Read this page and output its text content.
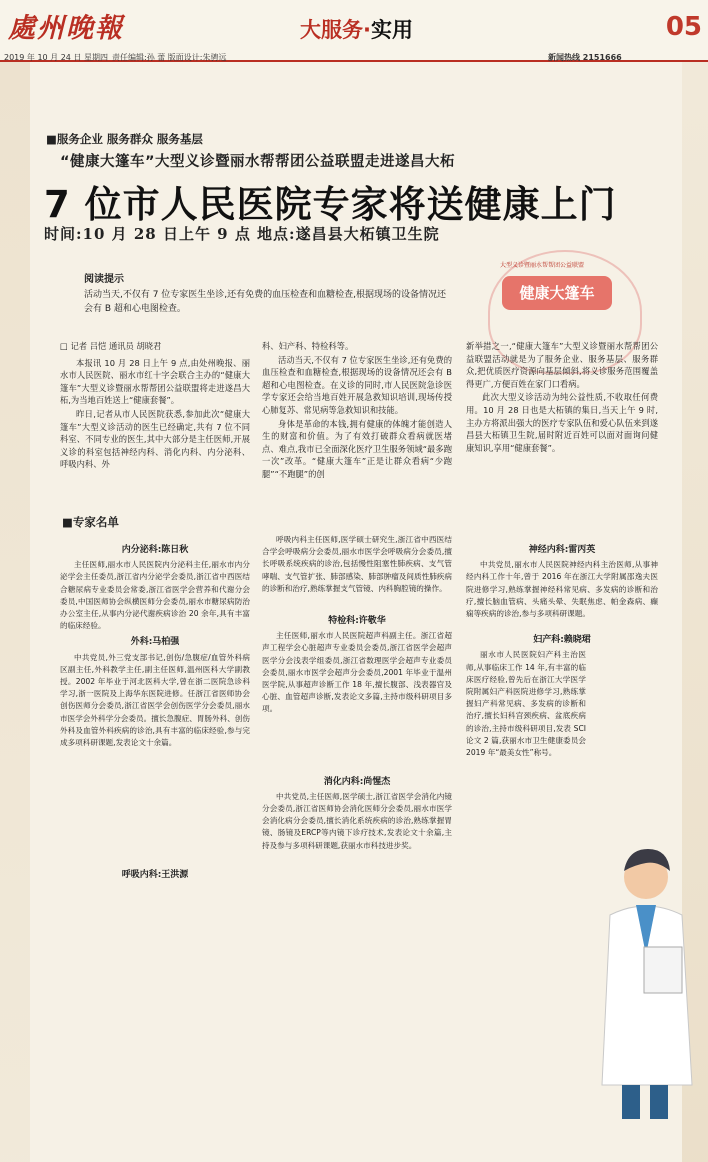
處州晚報	大服务·实用	05
2019 年 10 月 24 日 星期四 责任编辑:孙 蕾 版面设计:朱骋远	新闻热线 2151666
■服务企业 服务群众 服务基层
“健康大篷车”大型义诊暨丽水帮帮团公益联盟走进遂昌大柘
7 位市人民医院专家将送健康上门
时间:10 月 28 日上午 9 点 地点:遂昌县大柘镇卫生院
大型义诊暨丽水帮帮团公益联盟
健康大篷车
阅读提示
活动当天,不仅有 7 位专家医生坐诊,还有免费的血压检查和血糖检查,根据现场的设备情况还会有 B 超和心电图检查。
□ 记者 吕恺 通讯员 胡晓君

本报讯 10 月 28 日上午 9 点,由处州晚报、丽水市人民医院、丽水市红十字会联合主办的“健康大篷车”大型义诊暨丽水帮帮团公益联盟将走进遂昌大柘,为当地百姓送上“健康套餐”。

昨日,记者从市人民医院获悉,参加此次“健康大篷车”大型义诊活动的医生已经确定,共有 7 位不同科室、不同专业的医生,其中大部分是主任医师,开展义诊的科室包括神经内科、消化内科、内分泌科、呼吸内科、外

科、妇产科、特检科等。

活动当天,不仅有 7 位专家医生坐诊,还有免费的血压检查和血糖检查,根据现场的设备情况还会有 B 超和心电图检查。在义诊的同时,市人民医院急诊医学专家还会给当地百姓开展急救知识培训,现场传授心肺复苏、常见病等急救知识和技能。

身体是革命的本钱,拥有健康的体魄才能创造人生的财富和价值。为了有效打破群众看病就医堵点、难点,我市已全面深化医疗卫生服务领域“最多跑一次”改革。“健康大篷车”正是让群众看病“少跑腿”“不跑腿”的创

新举措之一,“健康大篷车”大型义诊暨丽水帮帮团公益联盟活动就是为了服务企业、服务基层、服务群众,把优质医疗资源向基层倾斜,将义诊服务范围覆盖得更广,方便百姓在家门口看病。

此次大型义诊活动为纯公益性质,不收取任何费用。10 月 28 日也是大柘镇的集日,当天上午 9 时,主办方将派出强大的医疗专家队伍和爱心队伍来到遂昌县大柘镇卫生院,届时附近百姓可以面对面询问健康知识,享用“健康套餐”。

■专家名单
内分泌科:陈日秋

主任医师,丽水市人民医院内分泌科主任,丽水市内分泌学会主任委员,浙江省内分泌学会委员,浙江省中西医结合糖尿病专业委员会常委,浙江省医学会营养和代谢分会委员,中国医师协会纵横医师分会委员,丽水市糖尿病防治办公室主任,从事内分泌代谢疾病诊治 20 余年,具有丰富的临床经验。

外科:马柏强

中共党员,外三党支部书记,创伤/急腹症/血管外科病区副主任,外科教学主任,副主任医师,温州医科大学副教授。2002 年毕业于河北医科大学,曾在浙二医院急诊科学习,浙一医院及上海华东医院进修。任浙江省医师协会创伤医师分会委员,浙江省医学会创伤医学分会委员,丽水市医学会外科学分会委员。擅长急腹症、胃肠外科、创伤外科及血管外科疾病的诊治,具有丰富的临床经验,参与完成多项科研课题,发表论文十余篇。

呼吸内科:王洪源

呼吸内科主任医师,医学硕士研究生,浙江省中西医结合学会呼吸病分会委员,丽水市医学会呼吸病分会委员,擅长呼吸系统疾病的诊治,包括慢性阻塞性肺疾病、支气管哮喘、支气管扩张、肺部感染、肺部肿瘤及间质性肺疾病的诊断和治疗,熟练掌握支气管镜、内科胸腔镜的操作。

特检科:许敬华

主任医师,丽水市人民医院超声科副主任。浙江省超声工程学会心脏超声专业委员会委员,浙江省医学会超声医学分会浅表学组委员,浙江省数理医学会超声专业委员会委员,丽水市医学会超声分会委员,2001 年毕业于温州医学院,从事超声诊断工作 18 年,擅长腹部、浅表器官及心脏、血管超声诊断,发表论文多篇,主持市级科研项目多项。

消化内科:尚惺杰

中共党员,主任医师,医学硕士,浙江省医学会消化内镜分会委员,浙江省医师协会消化医师分会委员,丽水市医学会消化病分会委员,擅长消化系统疾病的诊治,熟练掌握胃镜、肠镜及ERCP等内镜下诊疗技术,发表论文十余篇,主持及参与多项科研课题,获丽水市科技进步奖。

神经内科:雷丙英

中共党员,丽水市人民医院神经内科主治医师,从事神经内科工作十年,曾于 2016 年在浙江大学附属邵逸夫医院进修学习,熟练掌握神经科常见病、多发病的诊断和治疗,擅长脑血管病、头痛头晕、失眠焦虑、帕金森病、癫痫等疾病的诊治,参与多项科研课题。

妇产科:赖晓珺

丽水市人民医院妇产科主治医师,从事临床工作 14 年,有丰富的临床医疗经验,曾先后在浙江大学医学院附属妇产科医院进修学习,熟练掌握妇产科常见病、多发病的诊断和治疗,擅长妇科宫颈疾病、盆底疾病的诊治,主持市级科研项目,发表 SCI 论文 2 篇,获丽水市卫生健康委员会 2019 年“最美女性”称号。
